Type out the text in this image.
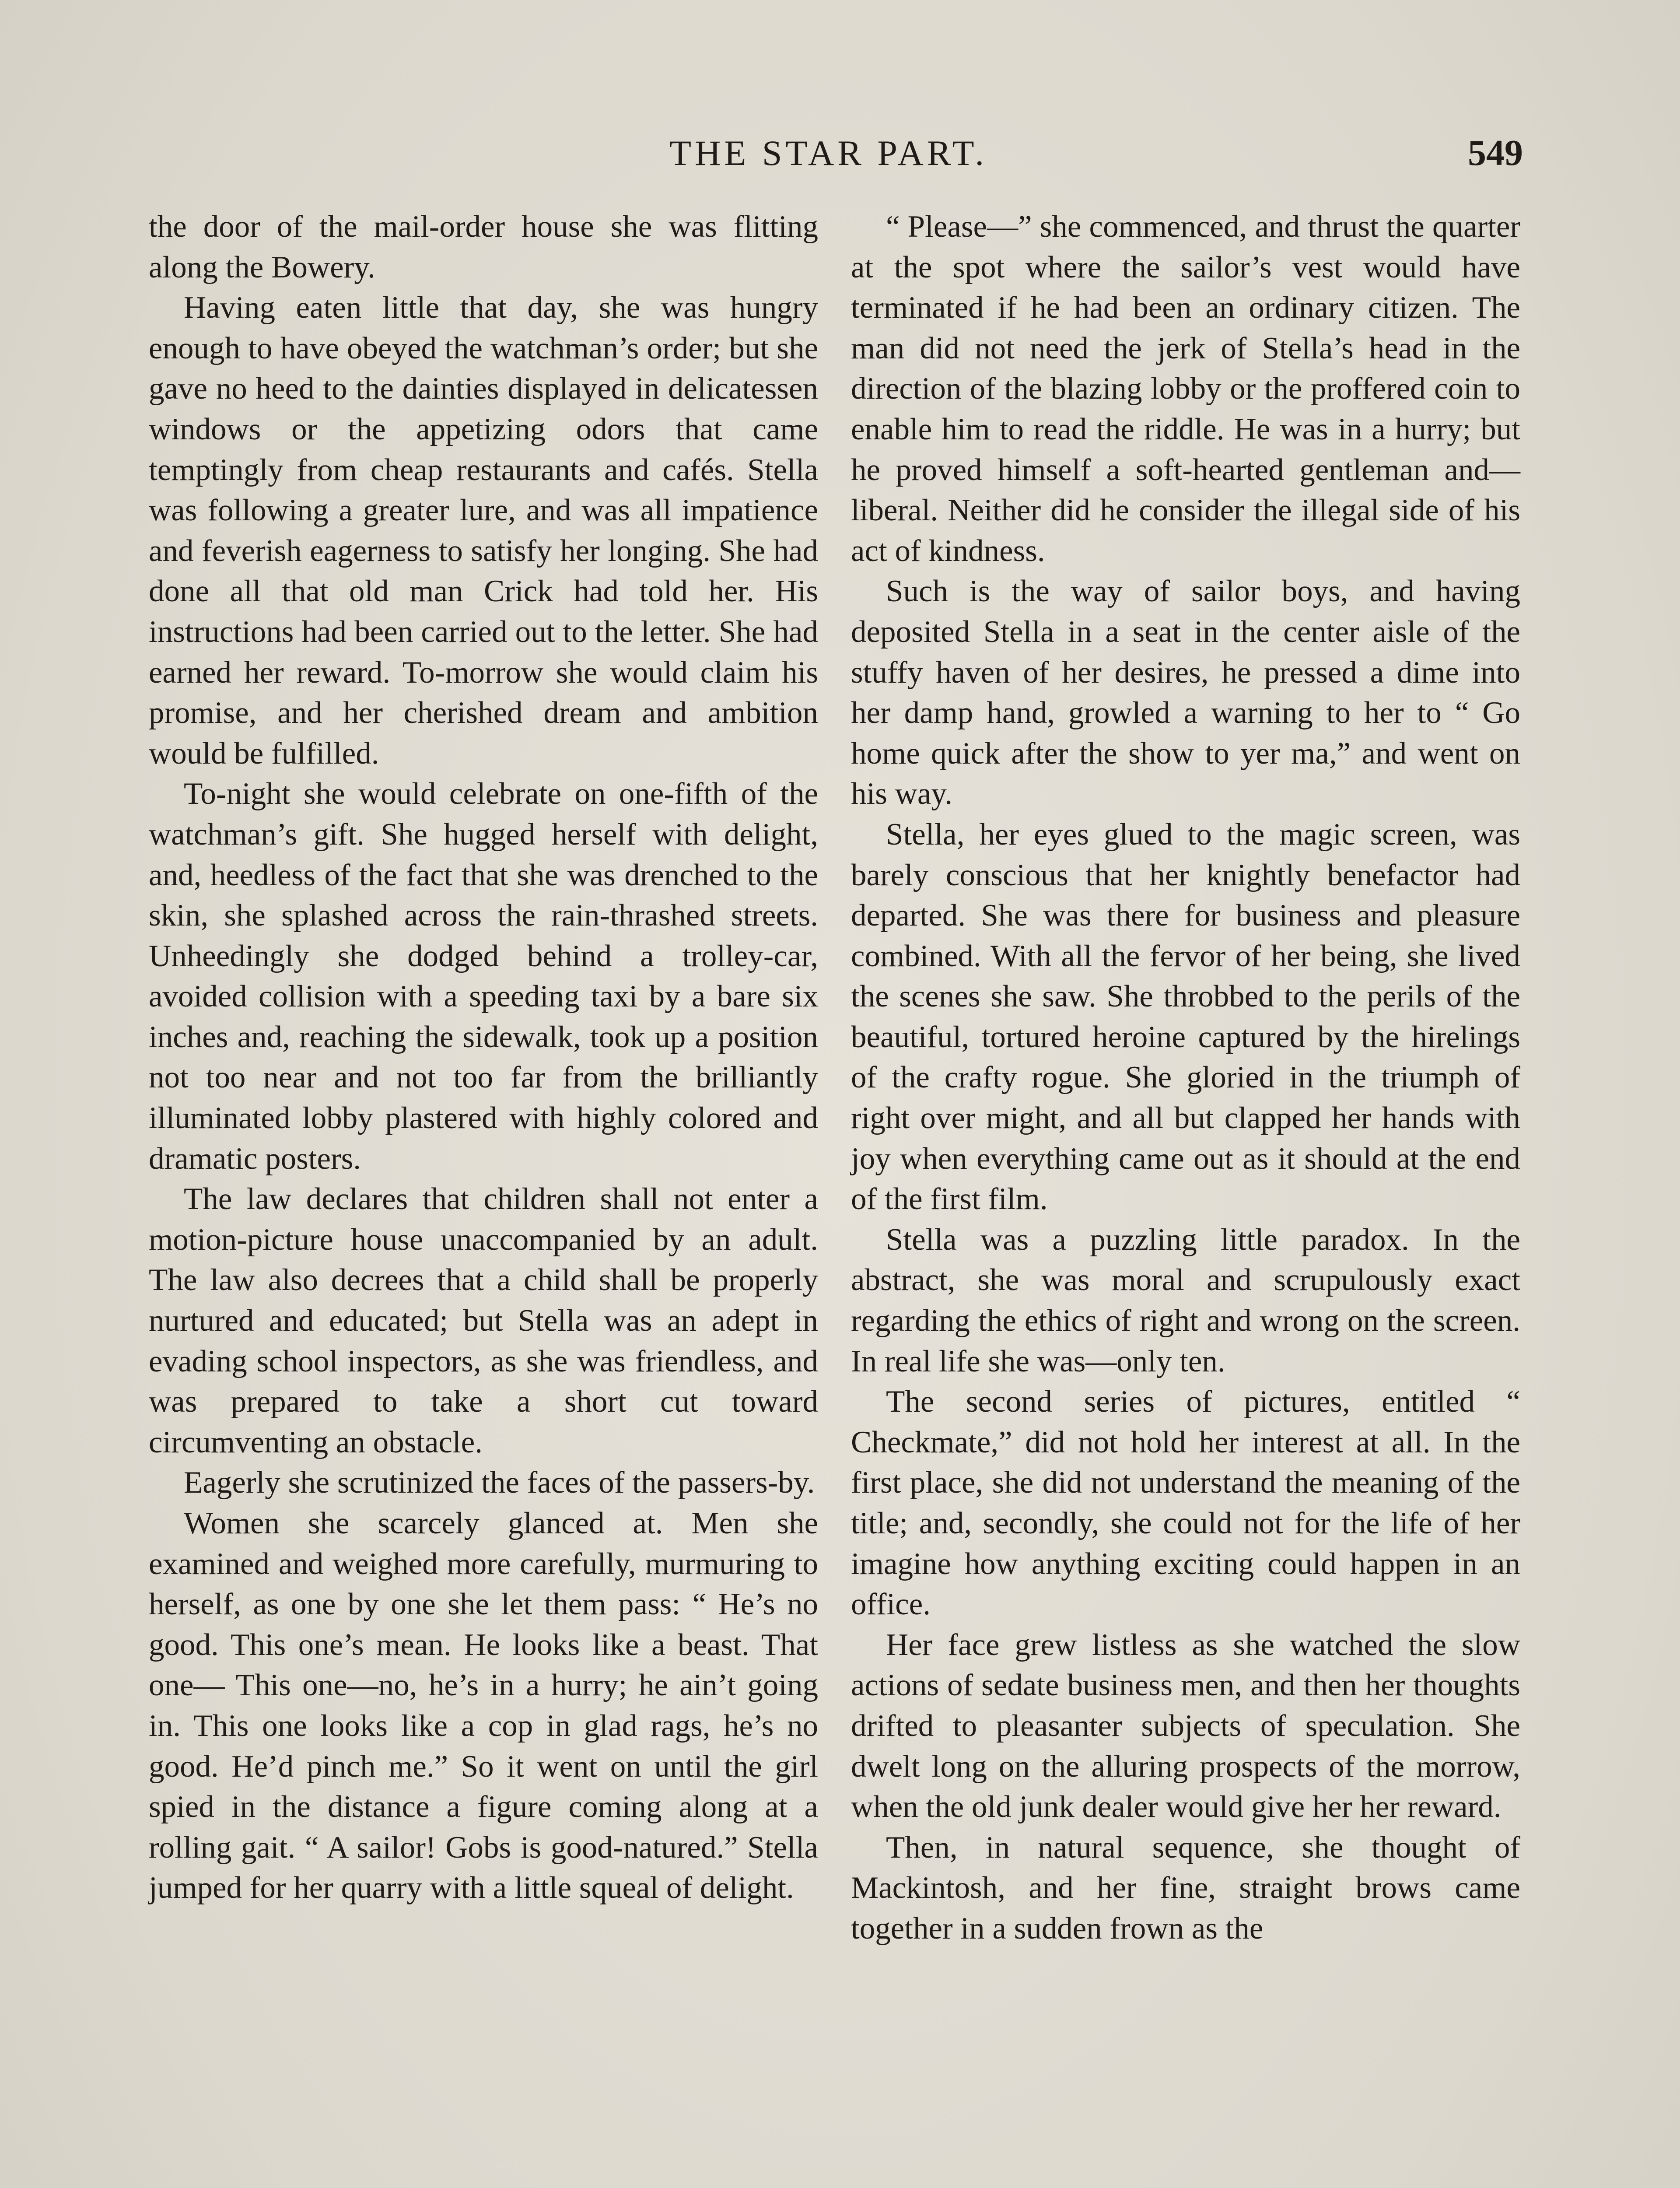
THE STAR PART.	549

the door of the mail-order house she was flitting along the Bowery.

Having eaten little that day, she was hungry enough to have obeyed the watchman’s order; but she gave no heed to the dainties displayed in delicatessen windows or the appetizing odors that came temptingly from cheap restaurants and cafés. Stella was following a greater lure, and was all impatience and feverish eagerness to satisfy her longing. She had done all that old man Crick had told her. His instructions had been carried out to the letter. She had earned her reward. To-morrow she would claim his promise, and her cherished dream and ambition would be fulfilled.

To-night she would celebrate on one-fifth of the watchman’s gift. She hugged herself with delight, and, heedless of the fact that she was drenched to the skin, she splashed across the rain-thrashed streets. Unheedingly she dodged behind a trolley-car, avoided collision with a speeding taxi by a bare six inches and, reaching the sidewalk, took up a position not too near and not too far from the brilliantly illuminated lobby plastered with highly colored and dramatic posters.

The law declares that children shall not enter a motion-picture house unaccompanied by an adult. The law also decrees that a child shall be properly nurtured and educated; but Stella was an adept in evading school inspectors, as she was friendless, and was prepared to take a short cut toward circumventing an obstacle.

Eagerly she scrutinized the faces of the passers-by.

Women she scarcely glanced at. Men she examined and weighed more carefully, murmuring to herself, as one by one she let them pass: “ He’s no good. This one’s mean. He looks like a beast. That one— This one—no, he’s in a hurry; he ain’t going in. This one looks like a cop in glad rags, he’s no good. He’d pinch me.” So it went on until the girl spied in the distance a figure coming along at a rolling gait. “ A sailor! Gobs is good-natured.” Stella jumped for her quarry with a little squeal of delight.

“ Please—” she commenced, and thrust the quarter at the spot where the sailor’s vest would have terminated if he had been an ordinary citizen. The man did not need the jerk of Stella’s head in the direction of the blazing lobby or the proffered coin to enable him to read the riddle. He was in a hurry; but he proved himself a soft-hearted gentleman and—liberal. Neither did he consider the illegal side of his act of kindness.

Such is the way of sailor boys, and having deposited Stella in a seat in the center aisle of the stuffy haven of her desires, he pressed a dime into her damp hand, growled a warning to her to “ Go home quick after the show to yer ma,” and went on his way.

Stella, her eyes glued to the magic screen, was barely conscious that her knightly benefactor had departed. She was there for business and pleasure combined. With all the fervor of her being, she lived the scenes she saw. She throbbed to the perils of the beautiful, tortured heroine captured by the hirelings of the crafty rogue. She gloried in the triumph of right over might, and all but clapped her hands with joy when everything came out as it should at the end of the first film.

Stella was a puzzling little paradox. In the abstract, she was moral and scrupulously exact regarding the ethics of right and wrong on the screen. In real life she was—only ten.

The second series of pictures, entitled “ Checkmate,” did not hold her interest at all. In the first place, she did not understand the meaning of the title; and, secondly, she could not for the life of her imagine how anything exciting could happen in an office.

Her face grew listless as she watched the slow actions of sedate business men, and then her thoughts drifted to pleasanter subjects of speculation. She dwelt long on the alluring prospects of the morrow, when the old junk dealer would give her her reward.

Then, in natural sequence, she thought of Mackintosh, and her fine, straight brows came together in a sudden frown as the
